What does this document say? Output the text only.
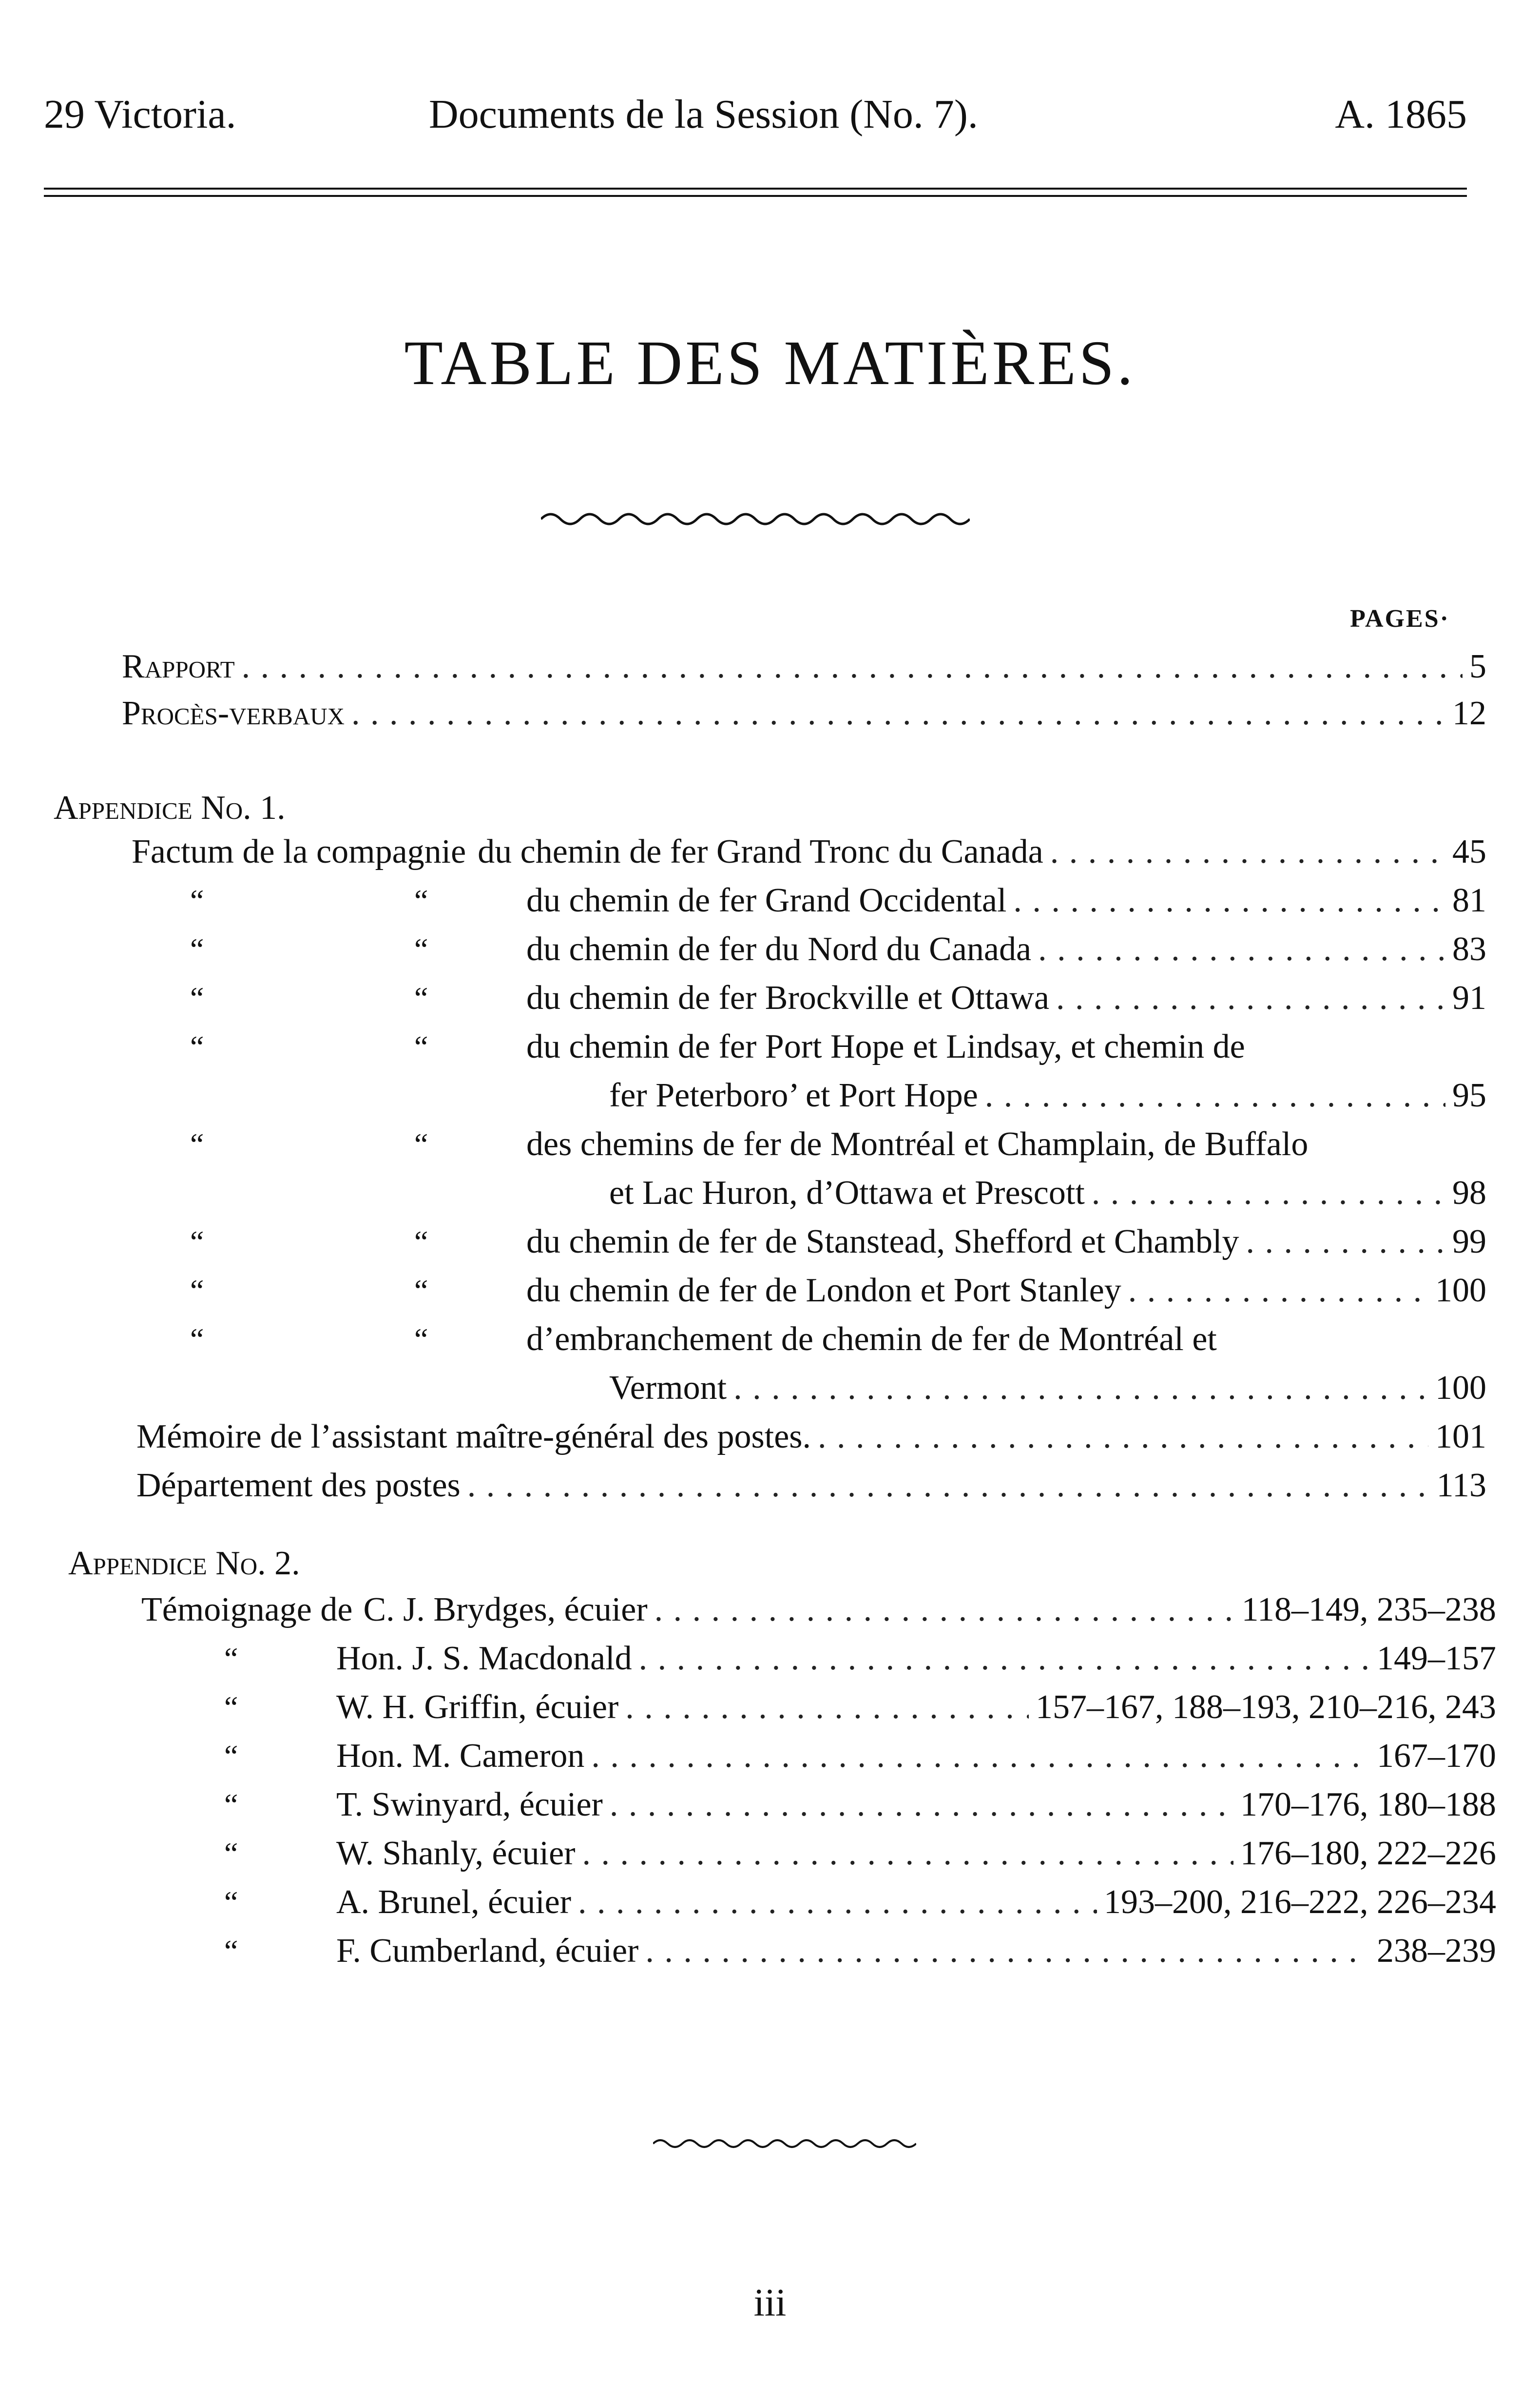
29 Victoria.	Documents de la Session (No. 7).	A. 1865
TABLE DES MATIÈRES.
PAGES·
Rapport . . .	5
Procès-verbaux . . .	12
Appendice No. 1.
Factum de la compagnie du chemin de fer Grand Tronc du Canada . . .	45
“	“	du chemin de fer Grand Occidental . . .	81
“	“	du chemin de fer du Nord du Canada . . .	83
“	“	du chemin de fer Brockville et Ottawa . . .	91
“	“	du chemin de fer Port Hope et Lindsay, et chemin de
fer Peterboro’ et Port Hope . . .	95
“	“	des chemins de fer de Montréal et Champlain, de Buffalo
et Lac Huron, d’Ottawa et Prescott . . .	98
“	“	du chemin de fer de Stanstead, Shefford et Chambly . . .	99
“	“	du chemin de fer de London et Port Stanley . . .	100
“	“	d’embranchement de chemin de fer de Montréal et
Vermont . . .	100
Mémoire de l’assistant maître-général des postes. . . .	101
Département des postes . . .	113
Appendice No. 2.
Témoignage de C. J. Brydges, écuier . . .	118–149, 235–238
“	Hon. J. S. Macdonald . . .	149–157
“	W. H. Griffin, écuier . . .	157–167, 188–193, 210–216, 243
“	Hon. M. Cameron . . .	167–170
“	T. Swinyard, écuier . . .	170–176, 180–188
“	W. Shanly, écuier . . .	176–180, 222–226
“	A. Brunel, écuier . . .	193–200, 216–222, 226–234
“	F. Cumberland, écuier . . .	238–239
iii
